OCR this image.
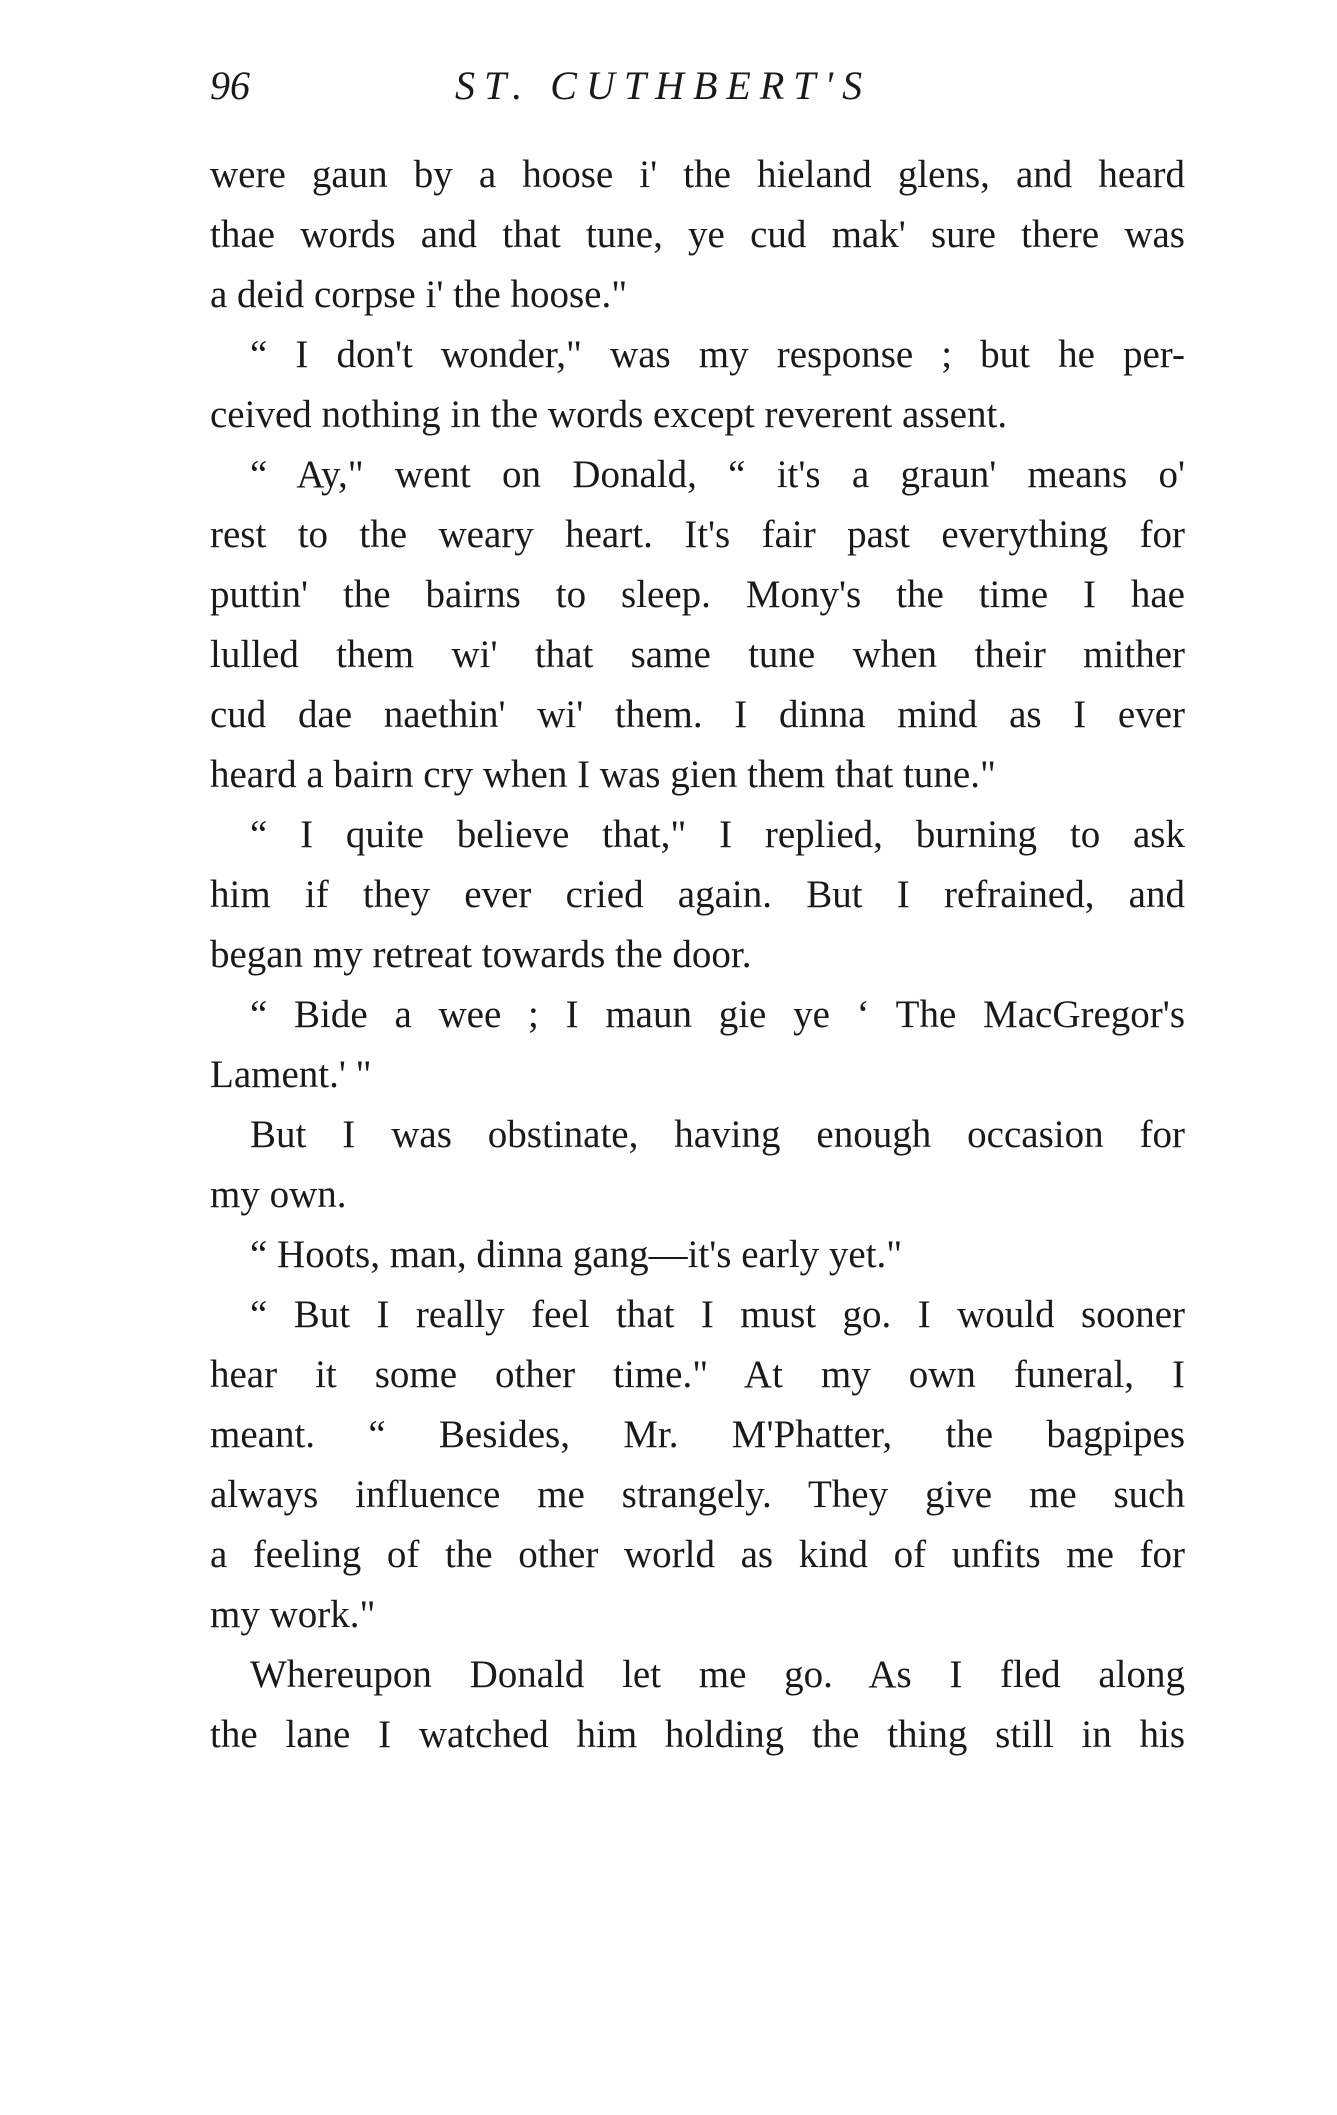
96	ST. CUTHBERT'S
were gaun by a hoose i' the hieland glens, and heard
thae words and that tune, ye cud mak' sure there was
a deid corpse i' the hoose."
“ I don't wonder," was my response ; but he per-
ceived nothing in the words except reverent assent.
“ Ay," went on Donald, “ it's a graun' means o'
rest to the weary heart. It's fair past everything for
puttin' the bairns to sleep. Mony's the time I hae
lulled them wi' that same tune when their mither
cud dae naethin' wi' them. I dinna mind as I ever
heard a bairn cry when I was gien them that tune."
“ I quite believe that," I replied, burning to ask
him if they ever cried again. But I refrained, and
began my retreat towards the door.
“ Bide a wee ; I maun gie ye ‘ The MacGregor's
Lament.' "
But I was obstinate, having enough occasion for
my own.
“ Hoots, man, dinna gang—it's early yet."
“ But I really feel that I must go. I would sooner
hear it some other time." At my own funeral, I
meant. “ Besides, Mr. M'Phatter, the bagpipes
always influence me strangely. They give me such
a feeling of the other world as kind of unfits me for
my work."
Whereupon Donald let me go. As I fled along
the lane I watched him holding the thing still in his
